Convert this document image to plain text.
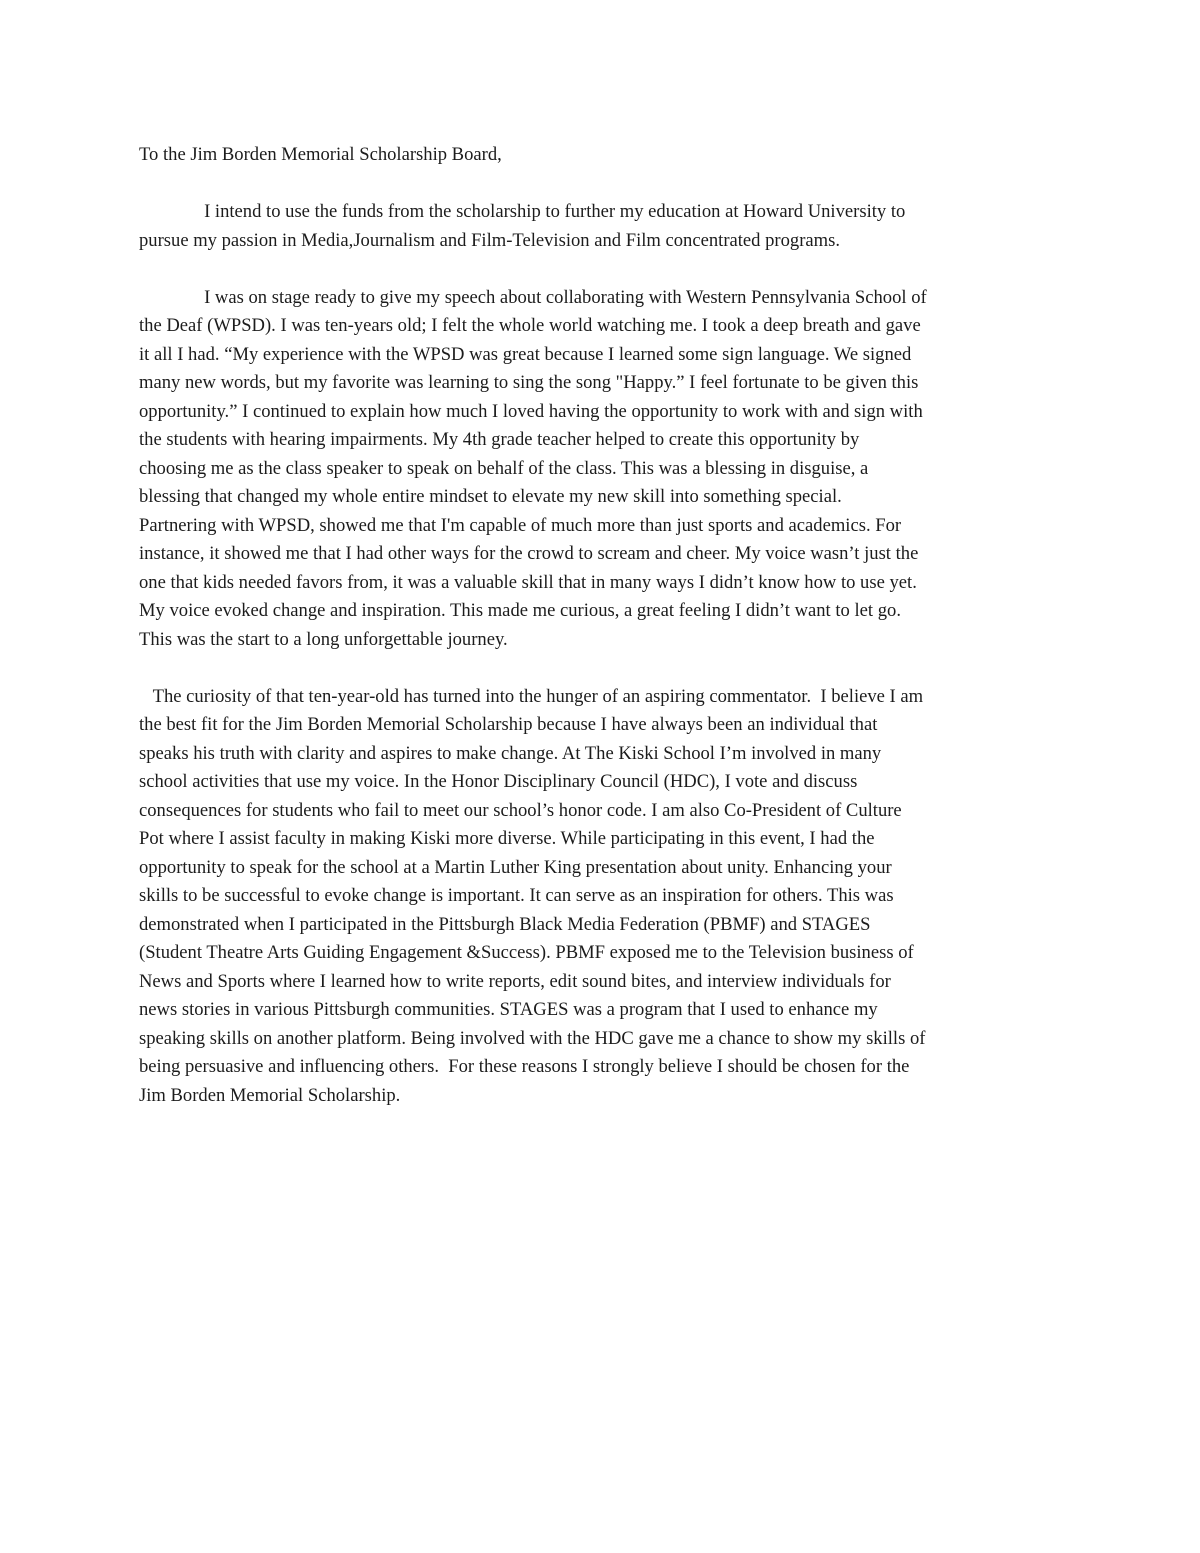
To the Jim Borden Memorial Scholarship Board,
I intend to use the funds from the scholarship to further my education at Howard University to
pursue my passion in Media,Journalism and Film-Television and Film concentrated programs.
I was on stage ready to give my speech about collaborating with Western Pennsylvania School of
the Deaf (WPSD). I was ten-years old; I felt the whole world watching me. I took a deep breath and gave
it all I had. “My experience with the WPSD was great because I learned some sign language. We signed
many new words, but my favorite was learning to sing the song "Happy.” I feel fortunate to be given this
opportunity.” I continued to explain how much I loved having the opportunity to work with and sign with
the students with hearing impairments. My 4th grade teacher helped to create this opportunity by
choosing me as the class speaker to speak on behalf of the class. This was a blessing in disguise, a
blessing that changed my whole entire mindset to elevate my new skill into something special.
Partnering with WPSD, showed me that I'm capable of much more than just sports and academics. For
instance, it showed me that I had other ways for the crowd to scream and cheer. My voice wasn’t just the
one that kids needed favors from, it was a valuable skill that in many ways I didn’t know how to use yet.
My voice evoked change and inspiration. This made me curious, a great feeling I didn’t want to let go.
This was the start to a long unforgettable journey.
The curiosity of that ten-year-old has turned into the hunger of an aspiring commentator.  I believe I am
the best fit for the Jim Borden Memorial Scholarship because I have always been an individual that
speaks his truth with clarity and aspires to make change. At The Kiski School I’m involved in many
school activities that use my voice. In the Honor Disciplinary Council (HDC), I vote and discuss
consequences for students who fail to meet our school’s honor code. I am also Co-President of Culture
Pot where I assist faculty in making Kiski more diverse. While participating in this event, I had the
opportunity to speak for the school at a Martin Luther King presentation about unity. Enhancing your
skills to be successful to evoke change is important. It can serve as an inspiration for others. This was
demonstrated when I participated in the Pittsburgh Black Media Federation (PBMF) and STAGES
(Student Theatre Arts Guiding Engagement &Success). PBMF exposed me to the Television business of
News and Sports where I learned how to write reports, edit sound bites, and interview individuals for
news stories in various Pittsburgh communities. STAGES was a program that I used to enhance my
speaking skills on another platform. Being involved with the HDC gave me a chance to show my skills of
being persuasive and influencing others.  For these reasons I strongly believe I should be chosen for the
Jim Borden Memorial Scholarship.
